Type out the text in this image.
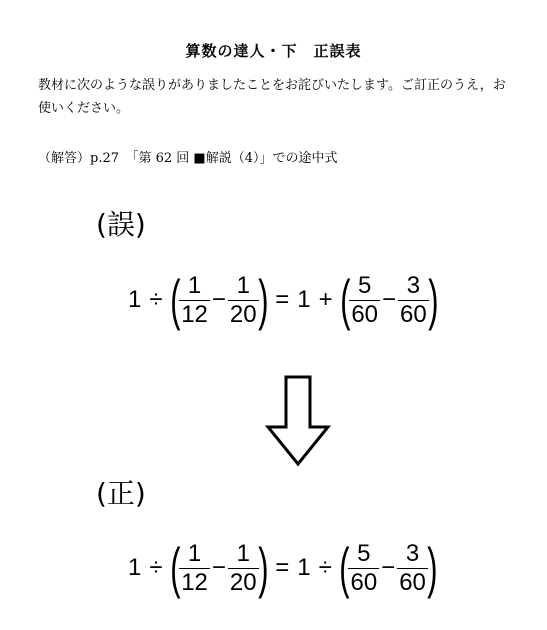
算数の達人・下　正誤表
教材に次のような誤りがありましたことをお詫びいたします。ご訂正のうえ，お使いください。
（解答）p.27　「第 62 回 ■解説（4）」での途中式
(誤)
1 ÷ ( $\frac{1}{12} - \frac{1}{20}$ ) = 1 + ( $\frac{5}{60} - \frac{3}{60}$ )
(正)
1 ÷ ( $\frac{1}{12} - \frac{1}{20}$ ) = 1 ÷ ( $\frac{5}{60} - \frac{3}{60}$ )
